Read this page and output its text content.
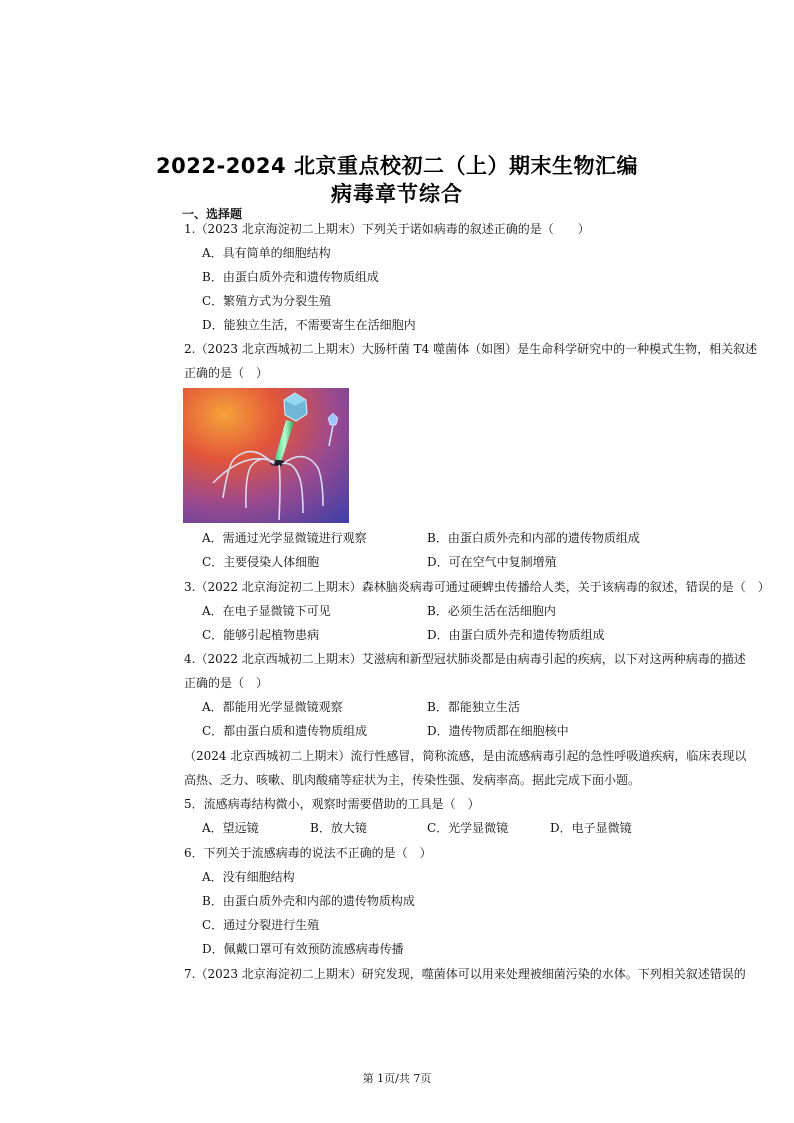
2022-2024 北京重点校初二（上）期末生物汇编
病毒章节综合
一、选择题
1.（2023 北京海淀初二上期末）下列关于诺如病毒的叙述正确的是（　　）
A．具有简单的细胞结构
B．由蛋白质外壳和遗传物质组成
C．繁殖方式为分裂生殖
D．能独立生活，不需要寄生在活细胞内
2.（2023 北京西城初二上期末）大肠杆菌 T4 噬菌体（如图）是生命科学研究中的一种模式生物，相关叙述
正确的是（　）
A．需通过光学显微镜进行观察	B．由蛋白质外壳和内部的遗传物质组成
C．主要侵染人体细胞	D．可在空气中复制增殖
3.（2022 北京海淀初二上期末）森林脑炎病毒可通过硬蜱虫传播给人类，关于该病毒的叙述，错误的是（　）
A．在电子显微镜下可见	B．必须生活在活细胞内
C．能够引起植物患病	D．由蛋白质外壳和遗传物质组成
4.（2022 北京西城初二上期末）艾滋病和新型冠状肺炎都是由病毒引起的疾病，以下对这两种病毒的描述
正确的是（　）
A．都能用光学显微镜观察	B．都能独立生活
C．都由蛋白质和遗传物质组成	D．遗传物质都在细胞核中
（2024 北京西城初二上期末）流行性感冒，简称流感，是由流感病毒引起的急性呼吸道疾病，临床表现以
高热、乏力、咳嗽、肌肉酸痛等症状为主，传染性强、发病率高。据此完成下面小题。
5．流感病毒结构微小，观察时需要借助的工具是（　）
A．望远镜	B．放大镜	C．光学显微镜	D．电子显微镜
6．下列关于流感病毒的说法不正确的是（　）
A．没有细胞结构
B．由蛋白质外壳和内部的遗传物质构成
C．通过分裂进行生殖
D．佩戴口罩可有效预防流感病毒传播
7.（2023 北京海淀初二上期末）研究发现，噬菌体可以用来处理被细菌污染的水体。下列相关叙述错误的
第 1页/共 7页
